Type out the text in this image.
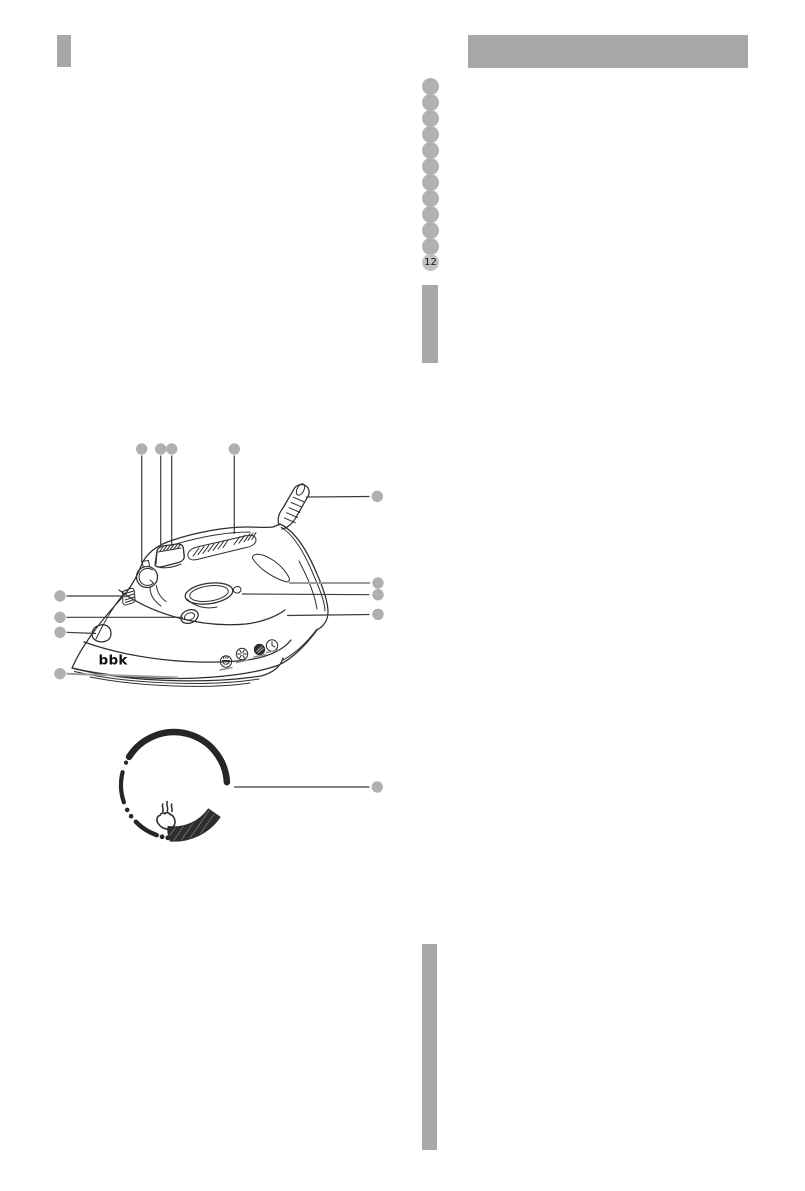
12
bbk
